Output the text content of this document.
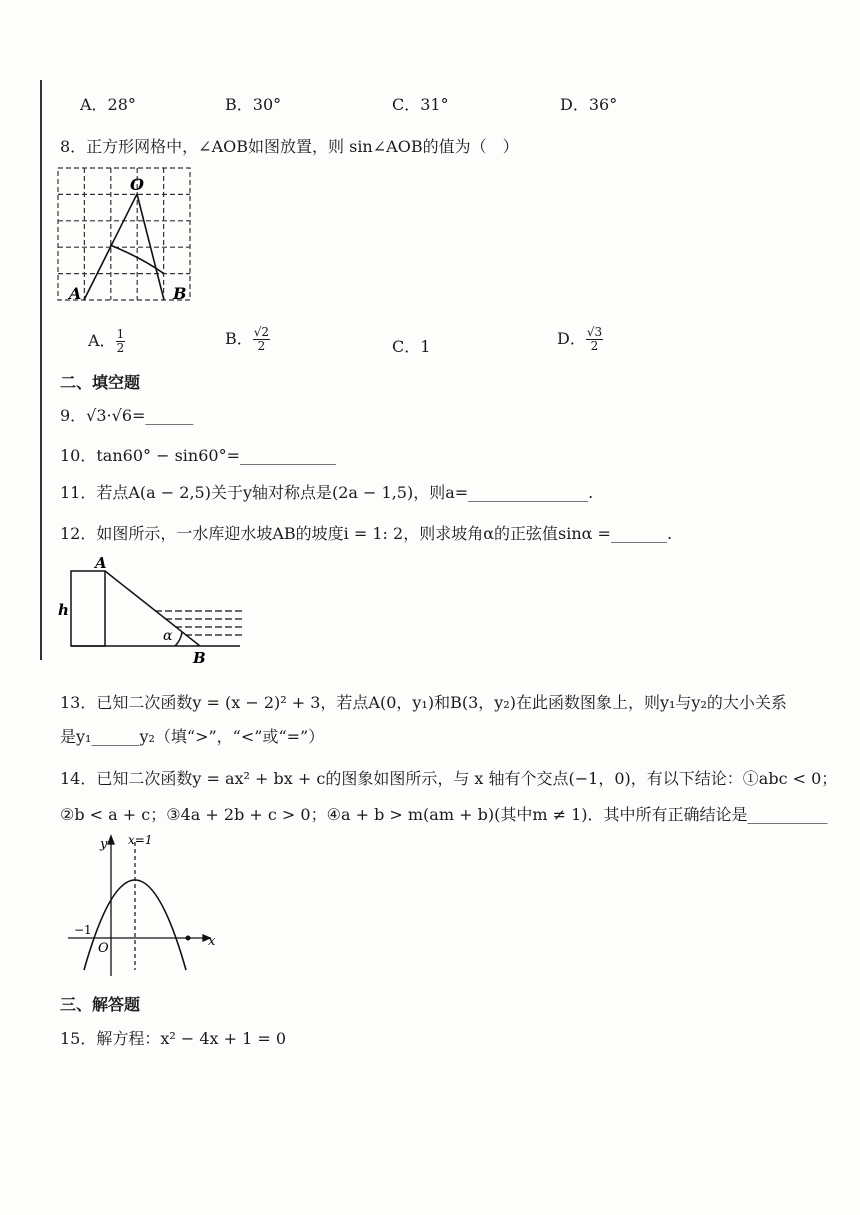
A．28°	B．30°	C．31°	D．36°
8．正方形网格中，∠AOB如图放置，则 sin∠AOB的值为（　）
O
A	B
A． $\frac{1}{2}$	B． $\frac{√2}{2}$	C．1	D． $\frac{√3}{2}$
二、填空题
9．√3·√6=______
10．tan60° − sin60°=____________
11．若点A(a − 2,5)关于y轴对称点是(2a − 1,5)，则a=_______________.
12．如图所示，一水库迎水坡AB的坡度i = 1: 2，则求坡角α的正弦值sinα =_______.
A
B
h
α
13．已知二次函数y = (x − 2)² + 3，若点A(0，y₁)和B(3，y₂)在此函数图象上，则y₁与y₂的大小关系
是y₁______y₂（填“>”，“<”或“=”）
14．已知二次函数y = ax² + bx + c的图象如图所示，与 x 轴有个交点(−1，0)，有以下结论：①abc < 0；
②b < a + c；③4a + 2b + c > 0；④a + b > m(am + b)(其中m ≠ 1)．其中所有正确结论是__________
y
x
O
−1
x=1
三、解答题
15．解方程：x² − 4x + 1 = 0
